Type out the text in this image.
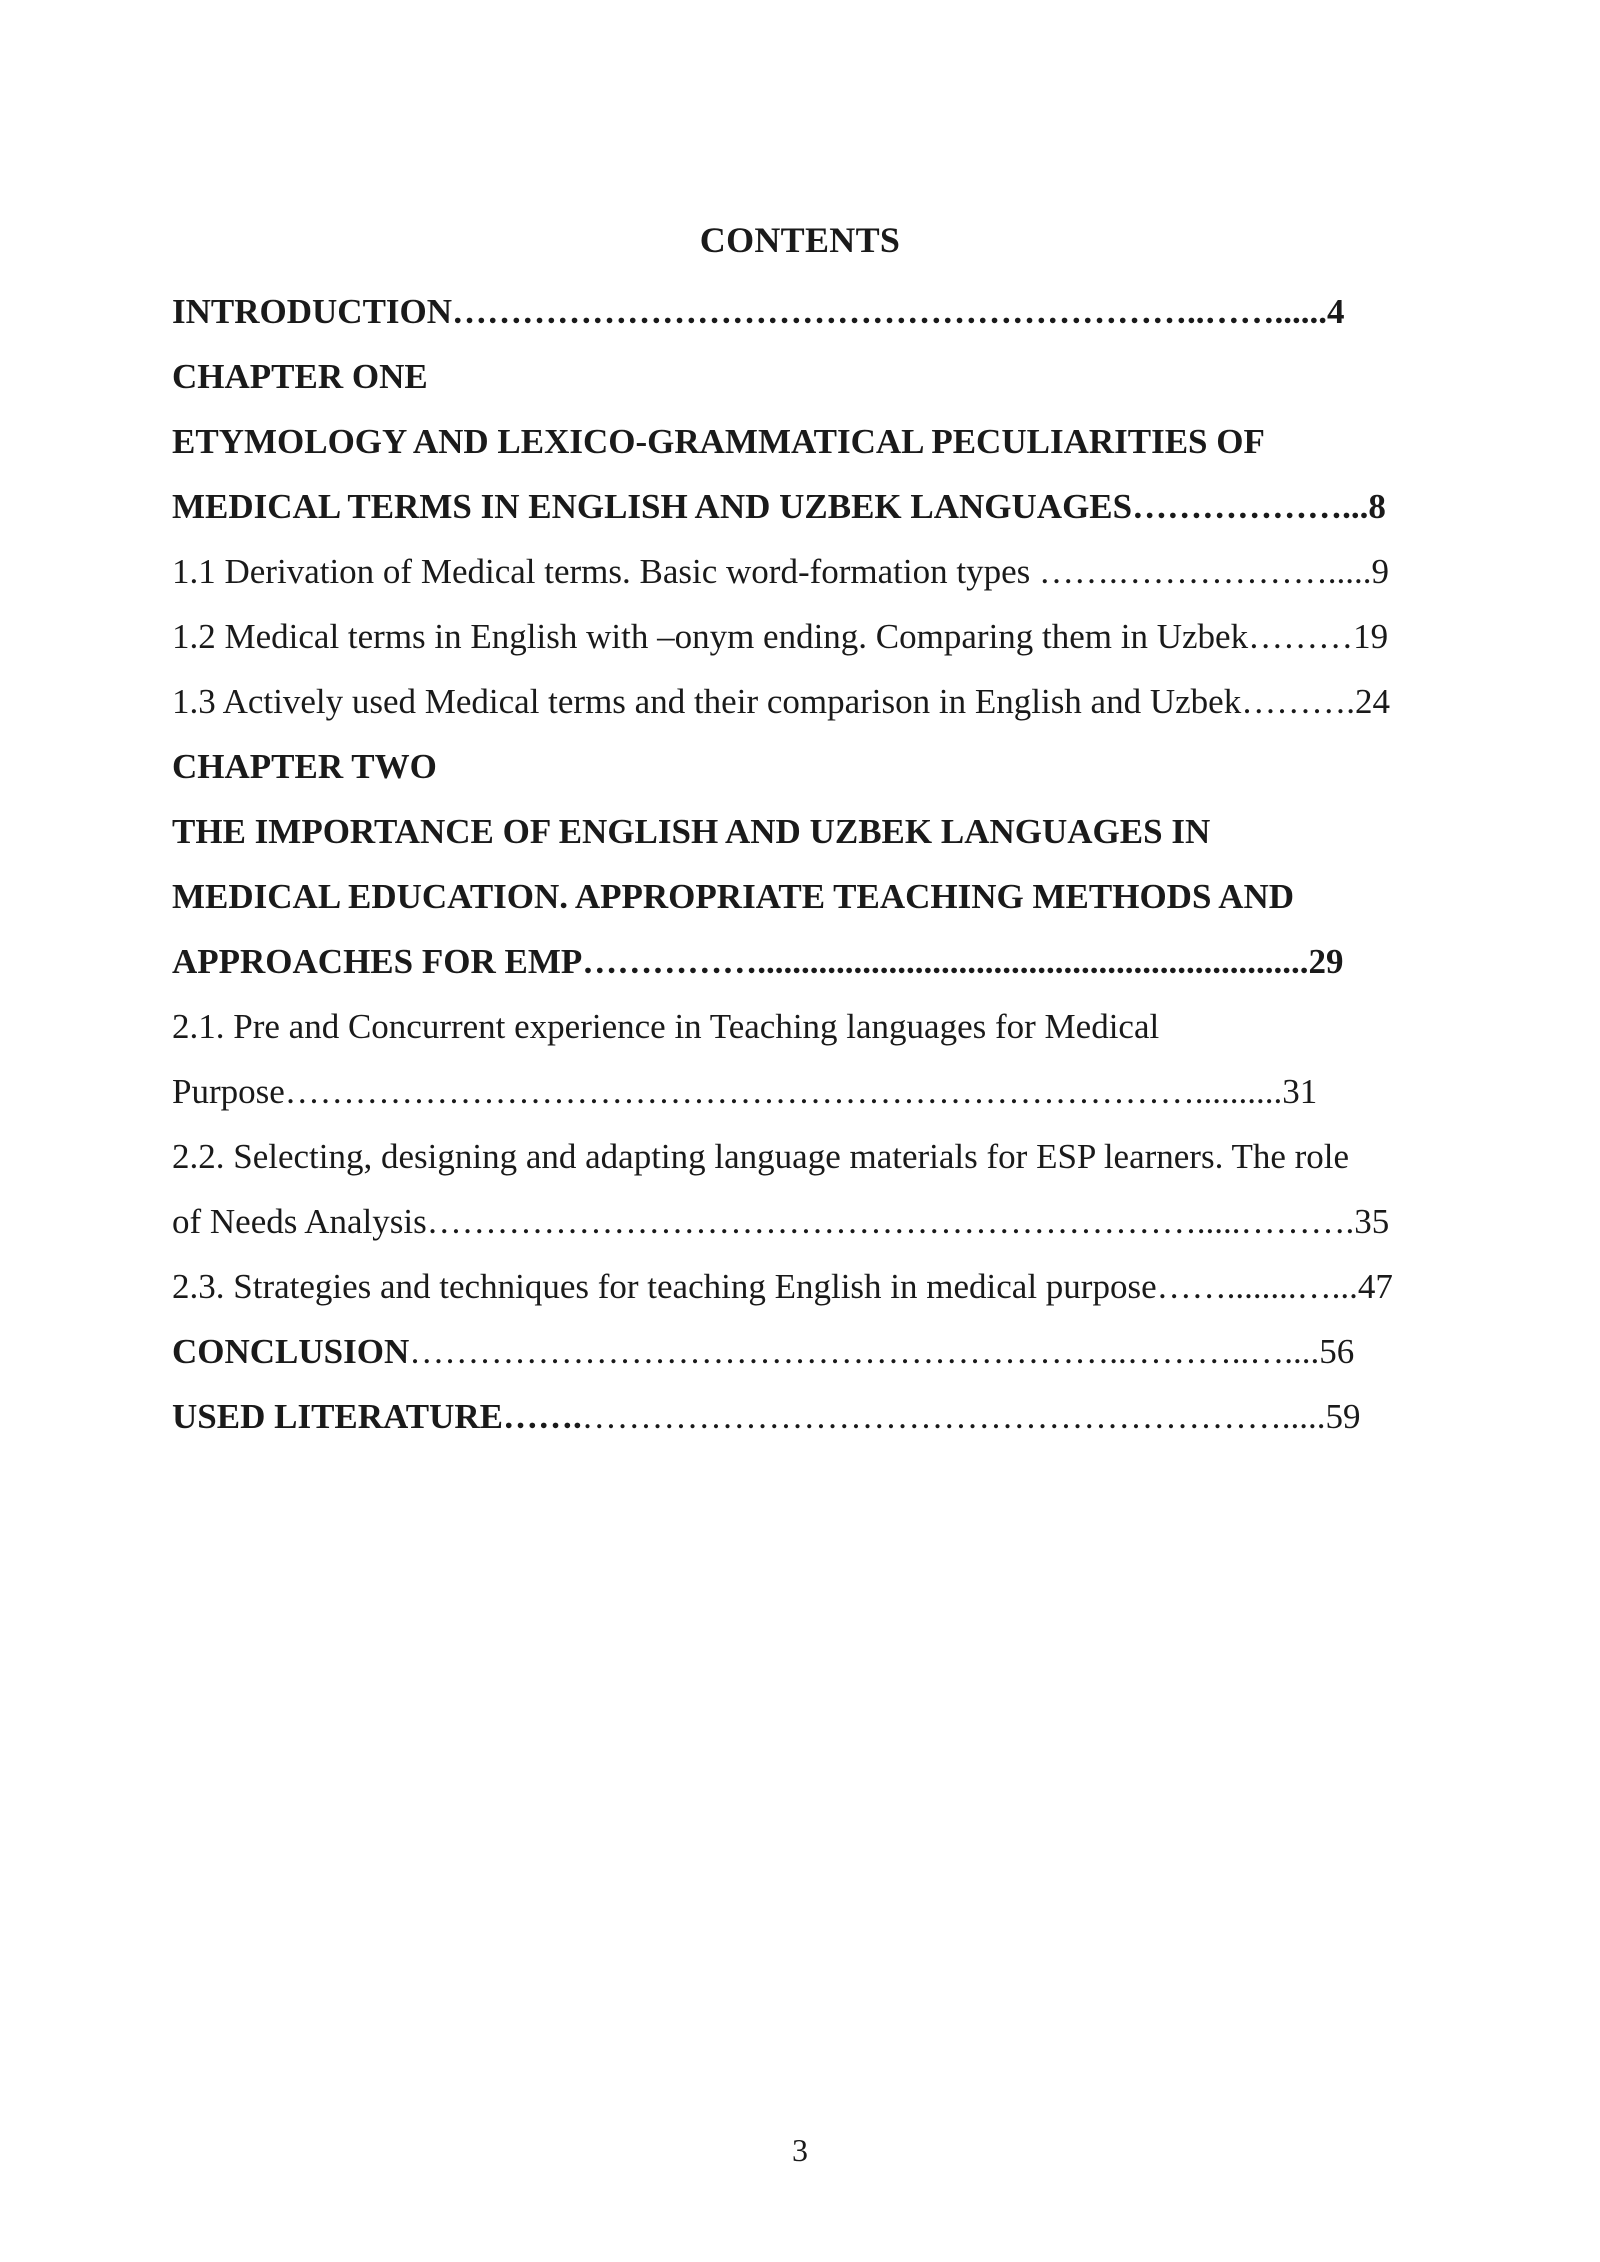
CONTENTS
INTRODUCTION………………………………………………………..……......4
CHAPTER ONE
ETYMOLOGY AND LEXICO-GRAMMATICAL PECULIARITIES OF
MEDICAL TERMS IN ENGLISH AND UZBEK LANGUAGES………………...8
1.1 Derivation of Medical terms. Basic word-formation types …….……………….....9
1.2 Medical terms in English with –onym ending. Comparing them in Uzbek………19
1.3 Actively used Medical terms and their comparison in English and Uzbek……….24
CHAPTER TWO
THE IMPORTANCE OF ENGLISH AND UZBEK LANGUAGES IN
MEDICAL EDUCATION. APPROPRIATE TEACHING METHODS AND
APPROACHES FOR EMP……………...............................................................29
2.1. Pre and Concurrent experience in Teaching languages for Medical
Purpose……………………………………………………………………..........31
2.2. Selecting, designing and adapting language materials for ESP learners. The role
of Needs Analysis………………………………………………………….....……….35
2.3. Strategies and techniques for teaching English in medical purpose……........…...47
CONCLUSION……………………………………………………..………..…....56
USED LITERATURE…….…………………………………………………….....59
3
